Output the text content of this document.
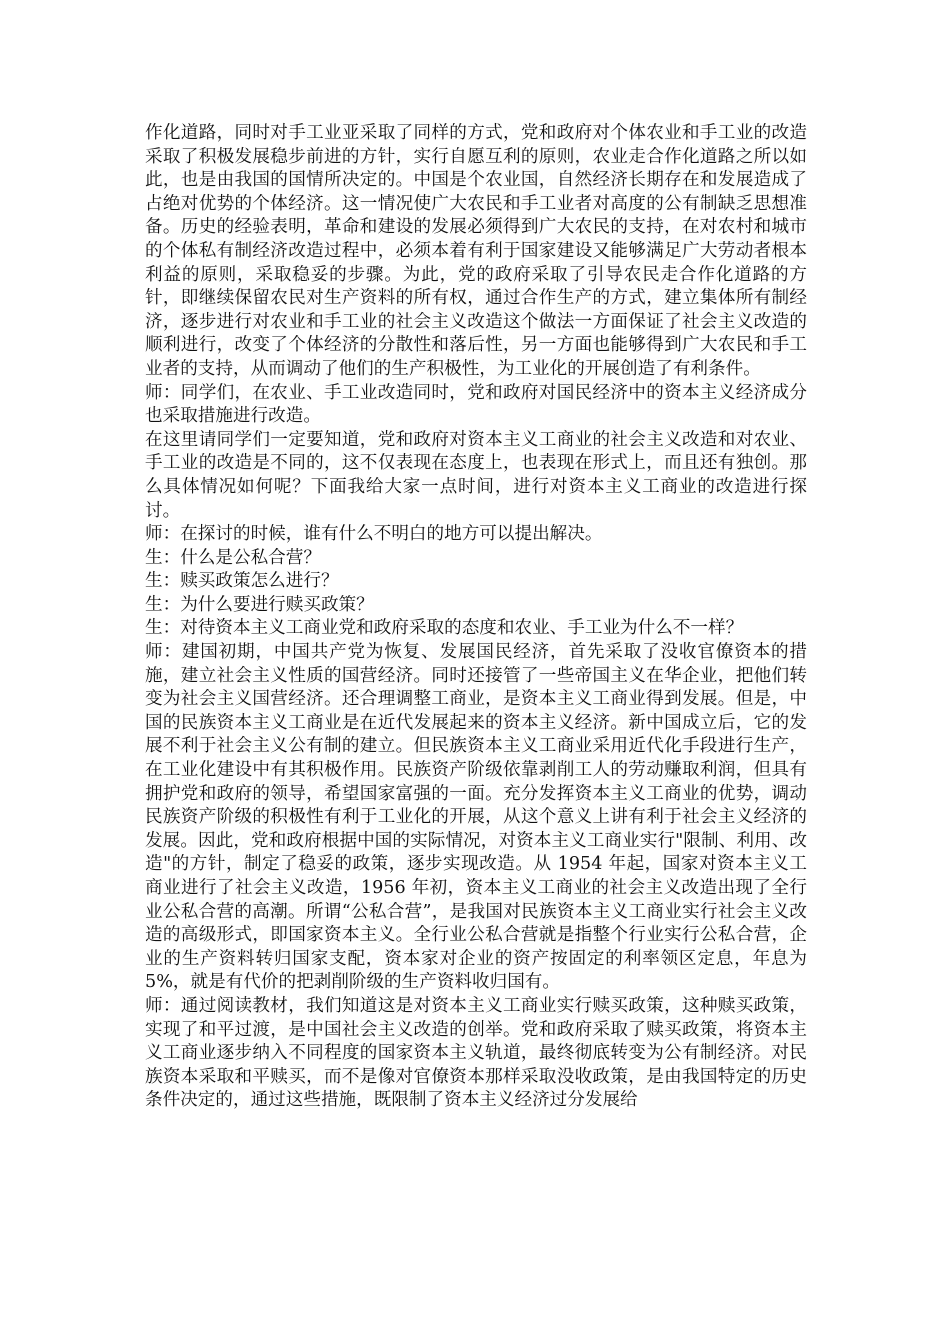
作化道路，同时对手工业亚采取了同样的方式，党和政府对个体农业和手工业的改造采取了积极发展稳步前进的方针，实行自愿互利的原则，农业走合作化道路之所以如此，也是由我国的国情所决定的。中国是个农业国，自然经济长期存在和发展造成了占绝对优势的个体经济。这一情况使广大农民和手工业者对高度的公有制缺乏思想准备。历史的经验表明，革命和建设的发展必须得到广大农民的支持，在对农村和城市的个体私有制经济改造过程中，必须本着有利于国家建设又能够满足广大劳动者根本利益的原则，采取稳妥的步骤。为此，党的政府采取了引导农民走合作化道路的方针，即继续保留农民对生产资料的所有权，通过合作生产的方式，建立集体所有制经济，逐步进行对农业和手工业的社会主义改造这个做法一方面保证了社会主义改造的顺利进行，改变了个体经济的分散性和落后性，另一方面也能够得到广大农民和手工业者的支持，从而调动了他们的生产积极性，为工业化的开展创造了有利条件。

师：同学们，在农业、手工业改造同时，党和政府对国民经济中的资本主义经济成分也采取措施进行改造。

在这里请同学们一定要知道，党和政府对资本主义工商业的社会主义改造和对农业、手工业的改造是不同的，这不仅表现在态度上，也表现在形式上，而且还有独创。那么具体情况如何呢？下面我给大家一点时间，进行对资本主义工商业的改造进行探讨。

师：在探讨的时候，谁有什么不明白的地方可以提出解决。

生：什么是公私合营？

生：赎买政策怎么进行？

生：为什么要进行赎买政策？

生：对待资本主义工商业党和政府采取的态度和农业、手工业为什么不一样？

师：建国初期，中国共产党为恢复、发展国民经济，首先采取了没收官僚资本的措施，建立社会主义性质的国营经济。同时还接管了一些帝国主义在华企业，把他们转变为社会主义国营经济。还合理调整工商业，是资本主义工商业得到发展。但是，中国的民族资本主义工商业是在近代发展起来的资本主义经济。新中国成立后，它的发展不利于社会主义公有制的建立。但民族资本主义工商业采用近代化手段进行生产，在工业化建设中有其积极作用。民族资产阶级依靠剥削工人的劳动赚取利润，但具有拥护党和政府的领导，希望国家富强的一面。充分发挥资本主义工商业的优势，调动民族资产阶级的积极性有利于工业化的开展，从这个意义上讲有利于社会主义经济的发展。因此，党和政府根据中国的实际情况，对资本主义工商业实行"限制、利用、改造"的方针，制定了稳妥的政策，逐步实现改造。从 1954 年起，国家对资本主义工商业进行了社会主义改造，1956 年初，资本主义工商业的社会主义改造出现了全行业公私合营的高潮。所谓“公私合营”，是我国对民族资本主义工商业实行社会主义改造的高级形式，即国家资本主义。全行业公私合营就是指整个行业实行公私合营，企业的生产资料转归国家支配，资本家对企业的资产按固定的利率领区定息，年息为 5%，就是有代价的把剥削阶级的生产资料收归国有。

师：通过阅读教材，我们知道这是对资本主义工商业实行赎买政策，这种赎买政策，实现了和平过渡，是中国社会主义改造的创举。党和政府采取了赎买政策，将资本主义工商业逐步纳入不同程度的国家资本主义轨道，最终彻底转变为公有制经济。对民族资本采取和平赎买，而不是像对官僚资本那样采取没收政策，是由我国特定的历史条件决定的，通过这些措施，既限制了资本主义经济过分发展给
